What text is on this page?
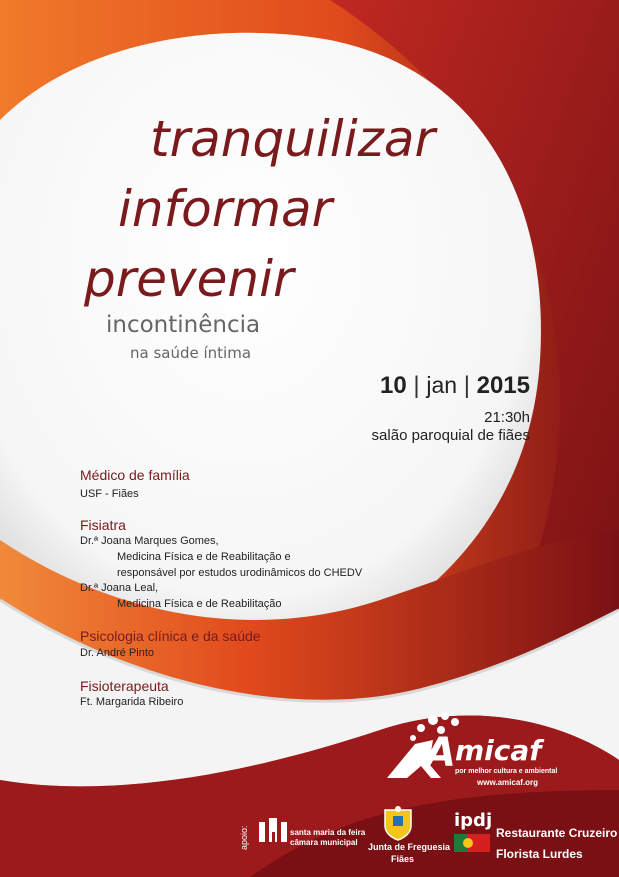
tranquilizar
informar
prevenir
incontinência
na saúde íntima
10 | jan | 2015
21:30h
salão paroquial de fiães
Médico de família
USF - Fiães
Fisiatra
Dr.ª Joana Marques Gomes,
Medicina Física e de Reabilitação e
responsável por estudos urodinâmicos do CHEDV
Dr.ª Joana Leal,
Medicina Física e de Reabilitação
Psicologia clínica e da saúde
Dr. André Pinto
Fisioterapeuta
Ft. Margarida Ribeiro
A micaf
por melhor cultura e ambiental
www.amicaf.org
apoio:	santa maria da feira
câmara municipal Junta de Freguesia
Fiães
ipdj
Restaurante Cruzeiro
Florista Lurdes
